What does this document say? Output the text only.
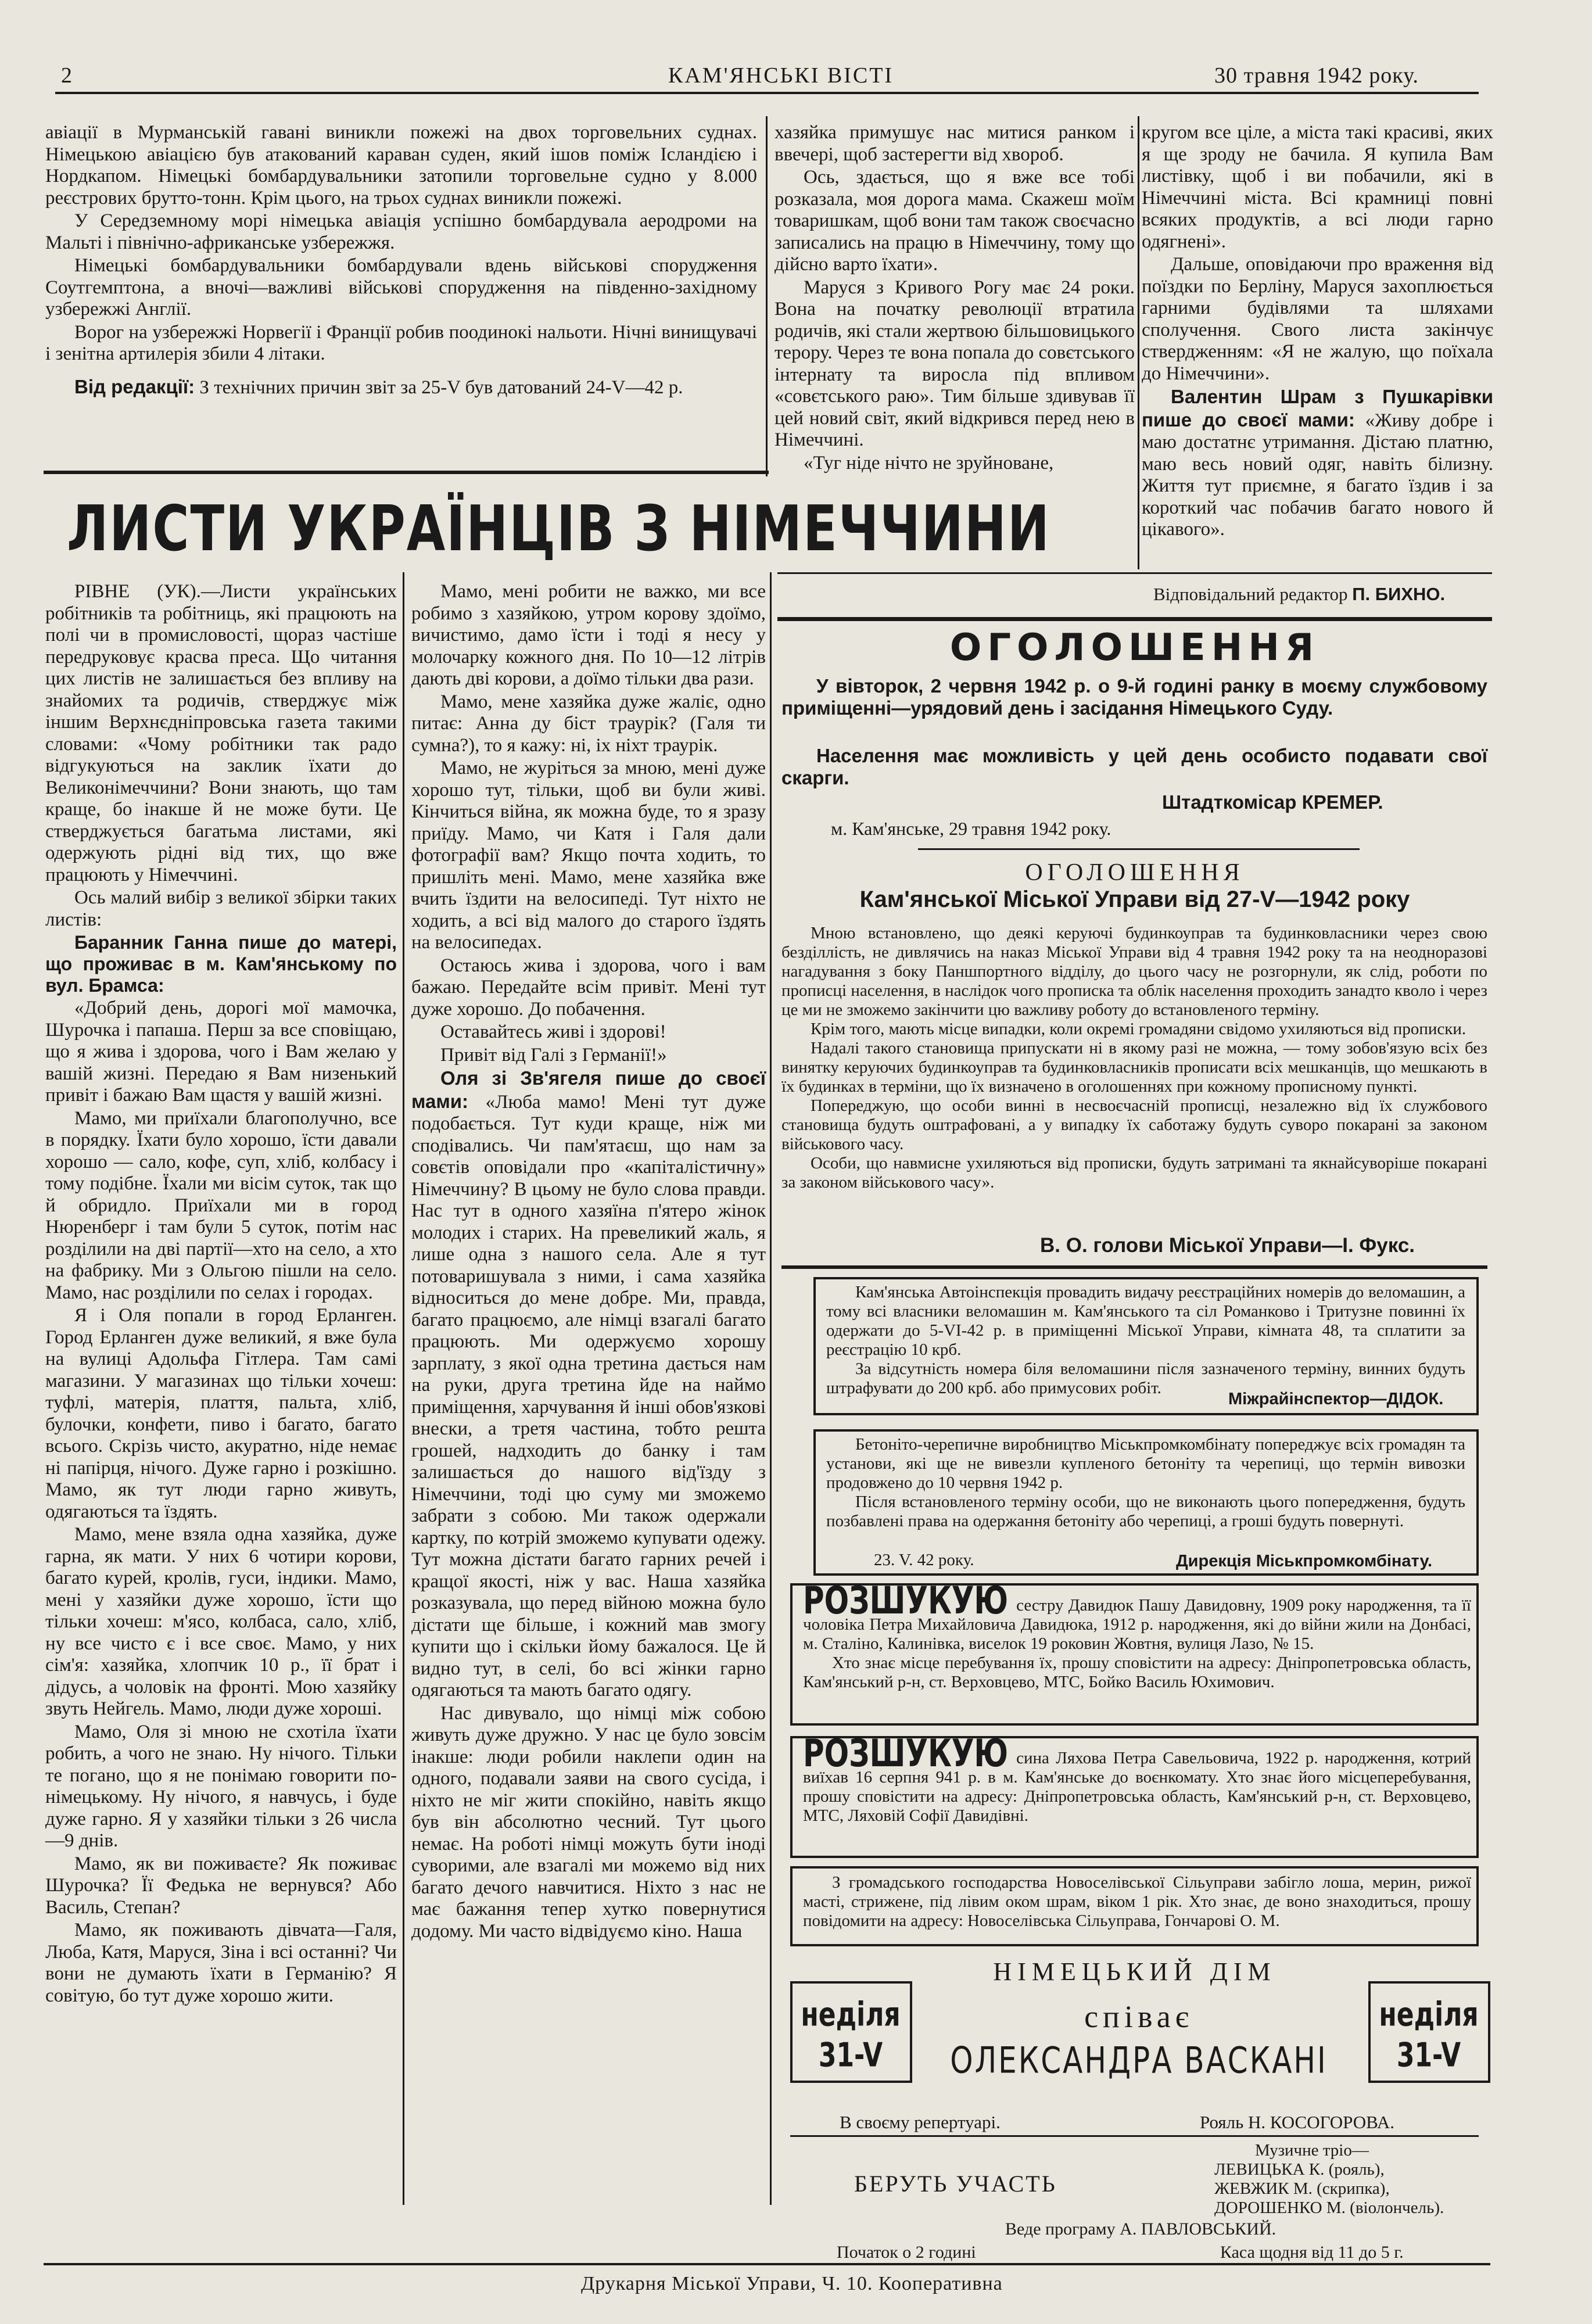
2	КАМ'ЯНСЬКІ ВІСТІ	30 травня 1942 року.

авіації в Мурманській гавані виникли пожежі на двох торговельних суднах. Німецькою авіацією був атакований караван суден, який ішов поміж Ісландією і Нордкапом. Німецькі бомбардувальники затопили торговельне судно у 8.000 реєстрових брутто-тонн. Крім цього, на трьох суднах виникли пожежі.

У Середземному морі німецька авіація успішно бомбардувала аеродроми на Мальті і північно-африканське узбережжя.

Німецькі бомбардувальники бомбардували вдень військові спорудження Соутгемптона, а вночі—важливі військові спорудження на південно-західному узбережжі Англії.

Ворог на узбережжі Норвегії і Франції робив поодинокі нальоти. Нічні винищувачі і зенітна артилерія збили 4 літаки.

Від редакції: З технічних причин звіт за 25-V був датований 24-V—42 р.

хазяйка примушує нас митися ранком і ввечері, щоб застерегти від хвороб.

Ось, здається, що я вже все тобі розказала, моя дорога мама. Скажеш моїм товаришкам, щоб вони там також своєчасно записались на працю в Німеччину, тому що дійсно варто їхати».

Маруся з Кривого Рогу має 24 роки. Вона на початку революції втратила родичів, які стали жертвою більшовицького терору. Через те вона попала до совєтського інтернату та виросла під впливом «совєтського раю». Тим більше здивував її цей новий світ, який відкрився перед нею в Німеччині.

«Туг ніде нічто не зруйноване,

кругом все ціле, а міста такі красиві, яких я ще зроду не бачила. Я купила Вам листівку, щоб і ви побачили, які в Німеччині міста. Всі крамниці повні всяких продуктів, а всі люди гарно одягнені».

Дальше, оповідаючи про враження від поїздки по Берліну, Маруся захоплюється гарними будівлями та шляхами сполучення. Свого листа закінчує ствердженням: «Я не жалую, що поїхала до Німеччини».

Валентин Шрам з Пушкарівки пише до своєї мами: «Живу добре і маю достатнє утримання. Дістаю платню, маю весь новий одяг, навіть білизну. Життя тут приємне, я багато їздив і за короткий час побачив багато нового й цікавого».

ЛИСТИ УКРАЇНЦІВ З НІМЕЧЧИНИ

РІВНЕ (УК).—Листи українських робітників та робітниць, які працюють на полі чи в промисловості, щораз частіше передруковує красва преса. Що читання цих листів не залишається без впливу на знайомих та родичів, стверджує між іншим Верхнєдніпровська газета такими словами: «Чому робітники так радо відгукуються на заклик їхати до Великонімеччини? Вони знають, що там краще, бо інакше й не може бути. Це стверджується багатьма листами, які одержують рідні від тих, що вже працюють у Німеччині.

Ось малий вибір з великої збірки таких листів:

Баранник Ганна пише до матері, що проживає в м. Кам'янському по вул. Брамса:

«Добрий день, дорогі мої мамочка, Шурочка і папаша. Перш за все сповіщаю, що я жива і здорова, чого і Вам желаю у вашій жизні. Передаю я Вам низенький привіт і бажаю Вам щастя у вашій жизні.

Мамо, ми приїхали благополучно, все в порядку. Їхати було хорошо, їсти давали хорошо — сало, кофе, суп, хліб, колбасу і тому подібне. Їхали ми вісім суток, так що й обридло. Приїхали ми в город Нюренберг і там були 5 суток, потім нас розділили на дві партії—хто на село, а хто на фабрику. Ми з Ольгою пішли на село. Мамо, нас розділили по селах і городах.

Я і Оля попали в город Ерланген. Город Ерланген дуже великий, я вже була на вулиці Адольфа Гітлера. Там самі магазини. У магазинах що тільки хочеш: туфлі, матерія, плаття, пальта, хліб, булочки, конфети, пиво і багато, багато всього. Скрізь чисто, акуратно, ніде немає ні папірця, нічого. Дуже гарно і розкішно. Мамо, як тут люди гарно живуть, одягаються та їздять.

Мамо, мене взяла одна хазяйка, дуже гарна, як мати. У них 6 чотири корови, багато курей, кролів, гуси, індики. Мамо, мені у хазяйки дуже хорошо, їсти що тільки хочеш: м'ясо, колбаса, сало, хліб, ну все чисто є і все своє. Мамо, у них сім'я: хазяйка, хлопчик 10 р., її брат і дідусь, а чоловік на фронті. Мою хазяйку звуть Нейгель. Мамо, люди дуже хороші.

Мамо, Оля зі мною не схотіла їхати робить, а чого не знаю. Ну нічого. Тільки те погано, що я не понімаю говорити по-німецькому. Ну нічого, я навчусь, і буде дуже гарно. Я у хазяйки тільки з 26 числа—9 днів.

Мамо, як ви поживаєте? Як поживає Шурочка? Її Федька не вернувся? Або Василь, Степан?

Мамо, як поживають дівчата—Галя, Люба, Катя, Маруся, Зіна і всі останні? Чи вони не думають їхати в Германію? Я совітую, бо тут дуже хорошо жити.

Мамо, мені робити не важко, ми все робимо з хазяйкою, утром корову здоїмо, вичистимо, дамо їсти і тоді я несу у молочарку кожного дня. По 10—12 літрів дають дві корови, а доїмо тільки два рази.

Мамо, мене хазяйка дуже жаліє, одно питає: Анна ду біст траурік? (Галя ти сумна?), то я кажу: ні, іх ніхт траурік.

Мамо, не журіться за мною, мені дуже хорошо тут, тільки, щоб ви були живі. Кінчиться війна, як можна буде, то я зразу приїду. Мамо, чи Катя і Галя дали фотографії вам? Якщо почта ходить, то пришліть мені. Мамо, мене хазяйка вже вчить їздити на велосипеді. Тут ніхто не ходить, а всі від малого до старого їздять на велосипедах.

Остаюсь жива і здорова, чого і вам бажаю. Передайте всім привіт. Мені тут дуже хорошо. До побачення.

Оставайтесь живі і здорові!

Привіт від Галі з Германії!»

Оля зі Зв'ягеля пише до своєї мами: «Люба мамо! Мені тут дуже подобається. Тут куди краще, ніж ми сподівались. Чи пам'ятаєш, що нам за совєтів оповідали про «капіталістичну» Німеччину? В цьому не було слова правди. Нас тут в одного хазяїна п'ятеро жінок молодих і старих. На превеликий жаль, я лише одна з нашого села. Але я тут потоваришувала з ними, і сама хазяйка відноситься до мене добре. Ми, правда, багато працюємо, але німці взагалі багато працюють. Ми одержуємо хорошу зарплату, з якої одна третина дається нам на руки, друга третина йде на наймо приміщення, харчування й інші обов'язкові внески, а третя частина, тобто решта грошей, надходить до банку і там залишається до нашого від'їзду з Німеччини, тоді цю суму ми зможемо забрати з собою. Ми також одержали картку, по котрій зможемо купувати одежу. Тут можна дістати багато гарних речей і кращої якості, ніж у вас. Наша хазяйка розказувала, що перед війною можна було дістати ще більше, і кожний мав змогу купити що і скільки йому бажалося. Це й видно тут, в селі, бо всі жінки гарно одягаються та мають багато одягу.

Нас дивувало, що німці між собою живуть дуже дружно. У нас це було зовсім інакше: люди робили наклепи один на одного, подавали заяви на свого сусіда, і ніхто не міг жити спокійно, навіть якщо був він абсолютно чесний. Тут цього немає. На роботі німці можуть бути іноді суворими, але взагалі ми можемо від них багато дечого навчитися. Ніхто з нас не має бажання тепер хутко повернутися додому. Ми часто відвідуємо кіно. Наша

Відповідальний редактор П. БИХНО.
ОГОЛОШЕННЯ
У вівторок, 2 червня 1942 р. о 9-й годині ранку в моєму службовому приміщенні—урядовий день і засідання Німецького Суду.
Населення має можливість у цей день особисто подавати свої скарги.
Штадткомісар КРЕМЕР.
м. Кам'янське, 29 травня 1942 року.
ОГОЛОШЕННЯ
Кам'янської Міської Управи від 27-V—1942 року

Мною встановлено, що деякі керуючі будинкоуправ та будинковласники через свою безділлість, не дивлячись на наказ Міської Управи від 4 травня 1942 року та на неодноразові нагадування з боку Паншпортного відділу, до цього часу не розгорнули, як слід, роботи по прописці населення, в наслідок чого прописка та облік населення проходить занадто кволо і через це ми не зможемо закінчити цю важливу роботу до встановленого терміну.

Крім того, мають місце випадки, коли окремі громадяни свідомо ухиляються від прописки.

Надалі такого становища припускати ні в якому разі не можна, — тому зобов'язую всіх без винятку керуючих будинкоуправ та будинковласників прописати всіх мешканців, що мешкають в їх будинках в терміни, що їх визначено в оголошеннях при кожному прописному пункті.

Попереджую, що особи винні в несвоєчасній прописці, незалежно від їх службового становища будуть оштрафовані, а у випадку їх саботажу будуть суворо покарані за законом військового часу.

Особи, що навмисне ухиляються від прописки, будуть затримані та якнайсуворіше покарані за законом військового часу».

В. О. голови Міської Управи—І. Фукс.

Кам'янська Автоінспекція провадить видачу реєстраційних номерів до веломашин, а тому всі власники веломашин м. Кам'янського та сіл Романково і Тритузне повинні їх одержати до 5-VI-42 р. в приміщенні Міської Управи, кімната 48, та сплатити за реєстрацію 10 крб.

За відсутність номера біля веломашини після зазначеного терміну, винних будуть штрафувати до 200 крб. або примусових робіт.

Міжрайінспектор—ДІДОК.

Бетоніто-черепичне виробництво Міськпромкомбінату попереджує всіх громадян та установи, які ще не вивезли купленого бетоніту та черепиці, що термін вивозки продовжено до 10 червня 1942 р.

Після встановленого терміну особи, що не виконають цього попередження, будуть позбавлені права на одержання бетоніту або черепиці, а гроші будуть повернуті.

23. V. 42 року.	Дирекція Міськпромкомбінату.

РОЗШУКУЮ сестру Давидюк Пашу Давидовну, 1909 року народження, та її чоловіка Петра Михайловича Давидюка, 1912 р. народження, які до війни жили на Донбасі, м. Сталіно, Калинівка, виселок 19 роковин Жовтня, вулиця Лазо, № 15.

Хто знає місце перебування їх, прошу сповістити на адресу: Дніпропетровська область, Кам'янський р-н, ст. Верховцево, МТС, Бойко Василь Юхимович.

РОЗШУКУЮ сина Ляхова Петра Савельовича, 1922 р. народження, котрий виїхав 16 серпня 941 р. в м. Кам'янське до воєнкомату. Хто знає його місцеперебування, прошу сповістити на адресу: Дніпропетровська область, Кам'янський р-н, ст. Верховцево, МТС, Ляховій Софії Давидівні.

З громадського господарства Новоселівської Сільуправи забігло лоша, мерин, рижої масті, стрижене, під лівим оком шрам, віком 1 рік. Хто знає, де воно знаходиться, прошу повідомити на адресу: Новоселівська Сільуправа, Гончарові О. М.

НІМЕЦЬКИЙ ДІМ
неділя
31-V
неділя
31-V
співає
ОЛЕКСАНДРА ВАСКАНІ
В своєму репертуарі.	Рояль Н. КОСОГОРОВА.
Музичне тріо—
ЛЕВИЦЬКА К. (рояль),
ЖЕВЖИК М. (скрипка),
ДОРОШЕНКО М. (віолончель).
БЕРУТЬ УЧАСТЬ
Веде програму А. ПАВЛОВСЬКИЙ.
Початок о 2 годині	Каса щодня від 11 до 5 г.
Друкарня Міської Управи, Ч. 10. Кооперативна
